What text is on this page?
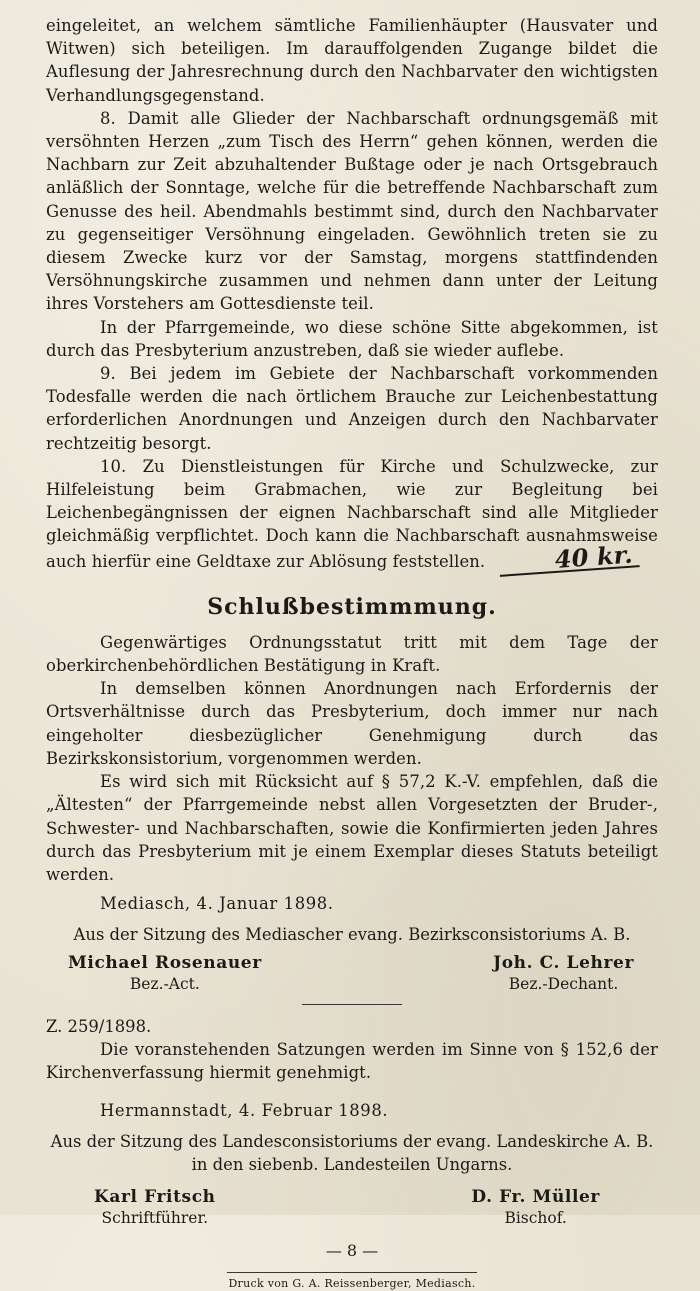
eingeleitet, an welchem sämtliche Familienhäupter (Hausvater und Witwen) sich beteiligen. Im darauffolgenden Zugange bildet die Auflesung der Jahresrechnung durch den Nachbarvater den wichtigsten Verhandlungsgegenstand.

8. Damit alle Glieder der Nachbarschaft ordnungsgemäß mit versöhnten Herzen „zum Tisch des Herrn“ gehen können, werden die Nachbarn zur Zeit abzuhaltender Bußtage oder je nach Ortsgebrauch anläßlich der Sonntage, welche für die betreffende Nachbarschaft zum Genusse des heil. Abendmahls bestimmt sind, durch den Nachbarvater zu gegenseitiger Versöhnung eingeladen. Gewöhnlich treten sie zu diesem Zwecke kurz vor der Samstag, morgens stattfindenden Versöhnungskirche zusammen und nehmen dann unter der Leitung ihres Vorstehers am Gottesdienste teil.

In der Pfarrgemeinde, wo diese schöne Sitte abgekommen, ist durch das Presbyterium anzustreben, daß sie wieder auflebe.

9. Bei jedem im Gebiete der Nachbarschaft vorkommenden Todesfalle werden die nach örtlichem Brauche zur Leichenbestattung erforderlichen Anordnungen und Anzeigen durch den Nachbarvater rechtzeitig besorgt.

10. Zu Dienstleistungen für Kirche und Schulzwecke, zur Hilfeleistung beim Grabmachen, wie zur Begleitung bei Leichenbegängnissen der eignen Nachbarschaft sind alle Mitglieder gleichmäßig verpflichtet. Doch kann die Nachbarschaft ausnahmsweise auch hierfür eine Geldtaxe zur Ablösung feststellen.	40 kr.

Schlußbestimmmung.

Gegenwärtiges Ordnungsstatut tritt mit dem Tage der oberkirchenbehördlichen Bestätigung in Kraft.

In demselben können Anordnungen nach Erfordernis der Ortsverhältnisse durch das Presbyterium, doch immer nur nach eingeholter diesbezüglicher Genehmigung durch das Bezirkskonsistorium, vorgenommen werden.

Es wird sich mit Rücksicht auf § 57,2 K.-V. empfehlen, daß die „Ältesten“ der Pfarrgemeinde nebst allen Vorgesetzten der Bruder-, Schwester- und Nachbarschaften, sowie die Konfirmierten jeden Jahres durch das Presbyterium mit je einem Exemplar dieses Statuts beteiligt werden.

Mediasch, 4. Januar 1898.
Aus der Sitzung des Mediascher evang. Bezirksconsistoriums A. B.
Michael Rosenauer
Bez.-Act.
Joh. C. Lehrer
Bez.-Dechant.
Z. 259/1898.

Die voranstehenden Satzungen werden im Sinne von § 152,6 der Kirchenverfassung hiermit genehmigt.

Hermannstadt, 4. Februar 1898.
Aus der Sitzung des Landesconsistoriums der evang. Landeskirche A. B.
in den siebenb. Landesteilen Ungarns.
Karl Fritsch
Schriftführer.
D. Fr. Müller
Bischof.
— 8 —
Druck von G. A. Reissenberger, Mediasch.
